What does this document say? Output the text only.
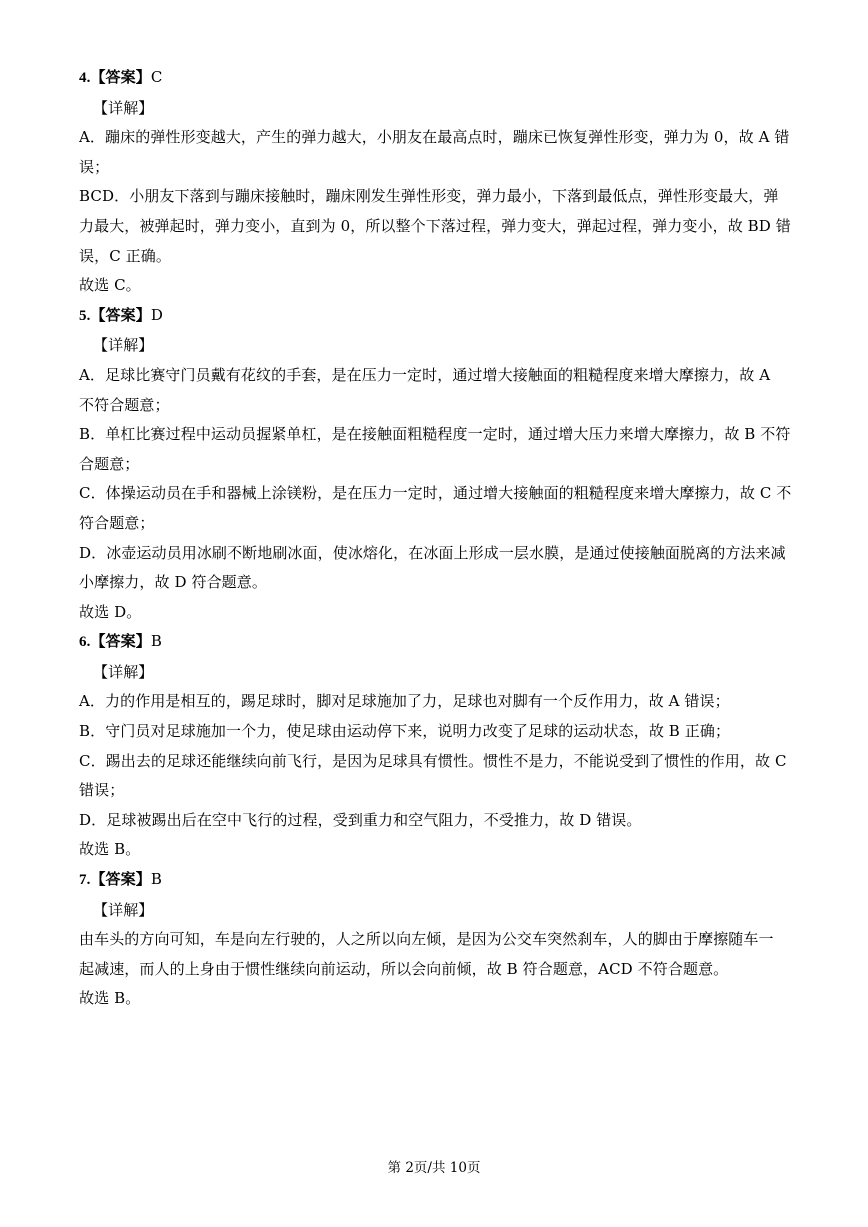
4.【答案】C
【详解】
A．蹦床的弹性形变越大，产生的弹力越大，小朋友在最高点时，蹦床已恢复弹性形变，弹力为 0，故 A 错
误；
BCD．小朋友下落到与蹦床接触时，蹦床刚发生弹性形变，弹力最小，下落到最低点，弹性形变最大，弹
力最大，被弹起时，弹力变小，直到为 0，所以整个下落过程，弹力变大，弹起过程，弹力变小，故 BD 错
误，C 正确。
故选 C。
5.【答案】D
【详解】
A．足球比赛守门员戴有花纹的手套，是在压力一定时，通过增大接触面的粗糙程度来增大摩擦力，故 A
不符合题意；
B．单杠比赛过程中运动员握紧单杠，是在接触面粗糙程度一定时，通过增大压力来增大摩擦力，故 B 不符
合题意；
C．体操运动员在手和器械上涂镁粉，是在压力一定时，通过增大接触面的粗糙程度来增大摩擦力，故 C 不
符合题意；
D．冰壶运动员用冰刷不断地刷冰面，使冰熔化，在冰面上形成一层水膜，是通过使接触面脱离的方法来减
小摩擦力，故 D 符合题意。
故选 D。
6.【答案】B
【详解】
A．力的作用是相互的，踢足球时，脚对足球施加了力，足球也对脚有一个反作用力，故 A 错误；
B．守门员对足球施加一个力，使足球由运动停下来，说明力改变了足球的运动状态，故 B 正确；
C．踢出去的足球还能继续向前飞行，是因为足球具有惯性。惯性不是力，不能说受到了惯性的作用，故 C
错误；
D．足球被踢出后在空中飞行的过程，受到重力和空气阻力，不受推力，故 D 错误。
故选 B。
7.【答案】B
【详解】
由车头的方向可知，车是向左行驶的，人之所以向左倾，是因为公交车突然刹车，人的脚由于摩擦随车一
起减速，而人的上身由于惯性继续向前运动，所以会向前倾，故 B 符合题意，ACD 不符合题意。
故选 B。
第 2页/共 10页
